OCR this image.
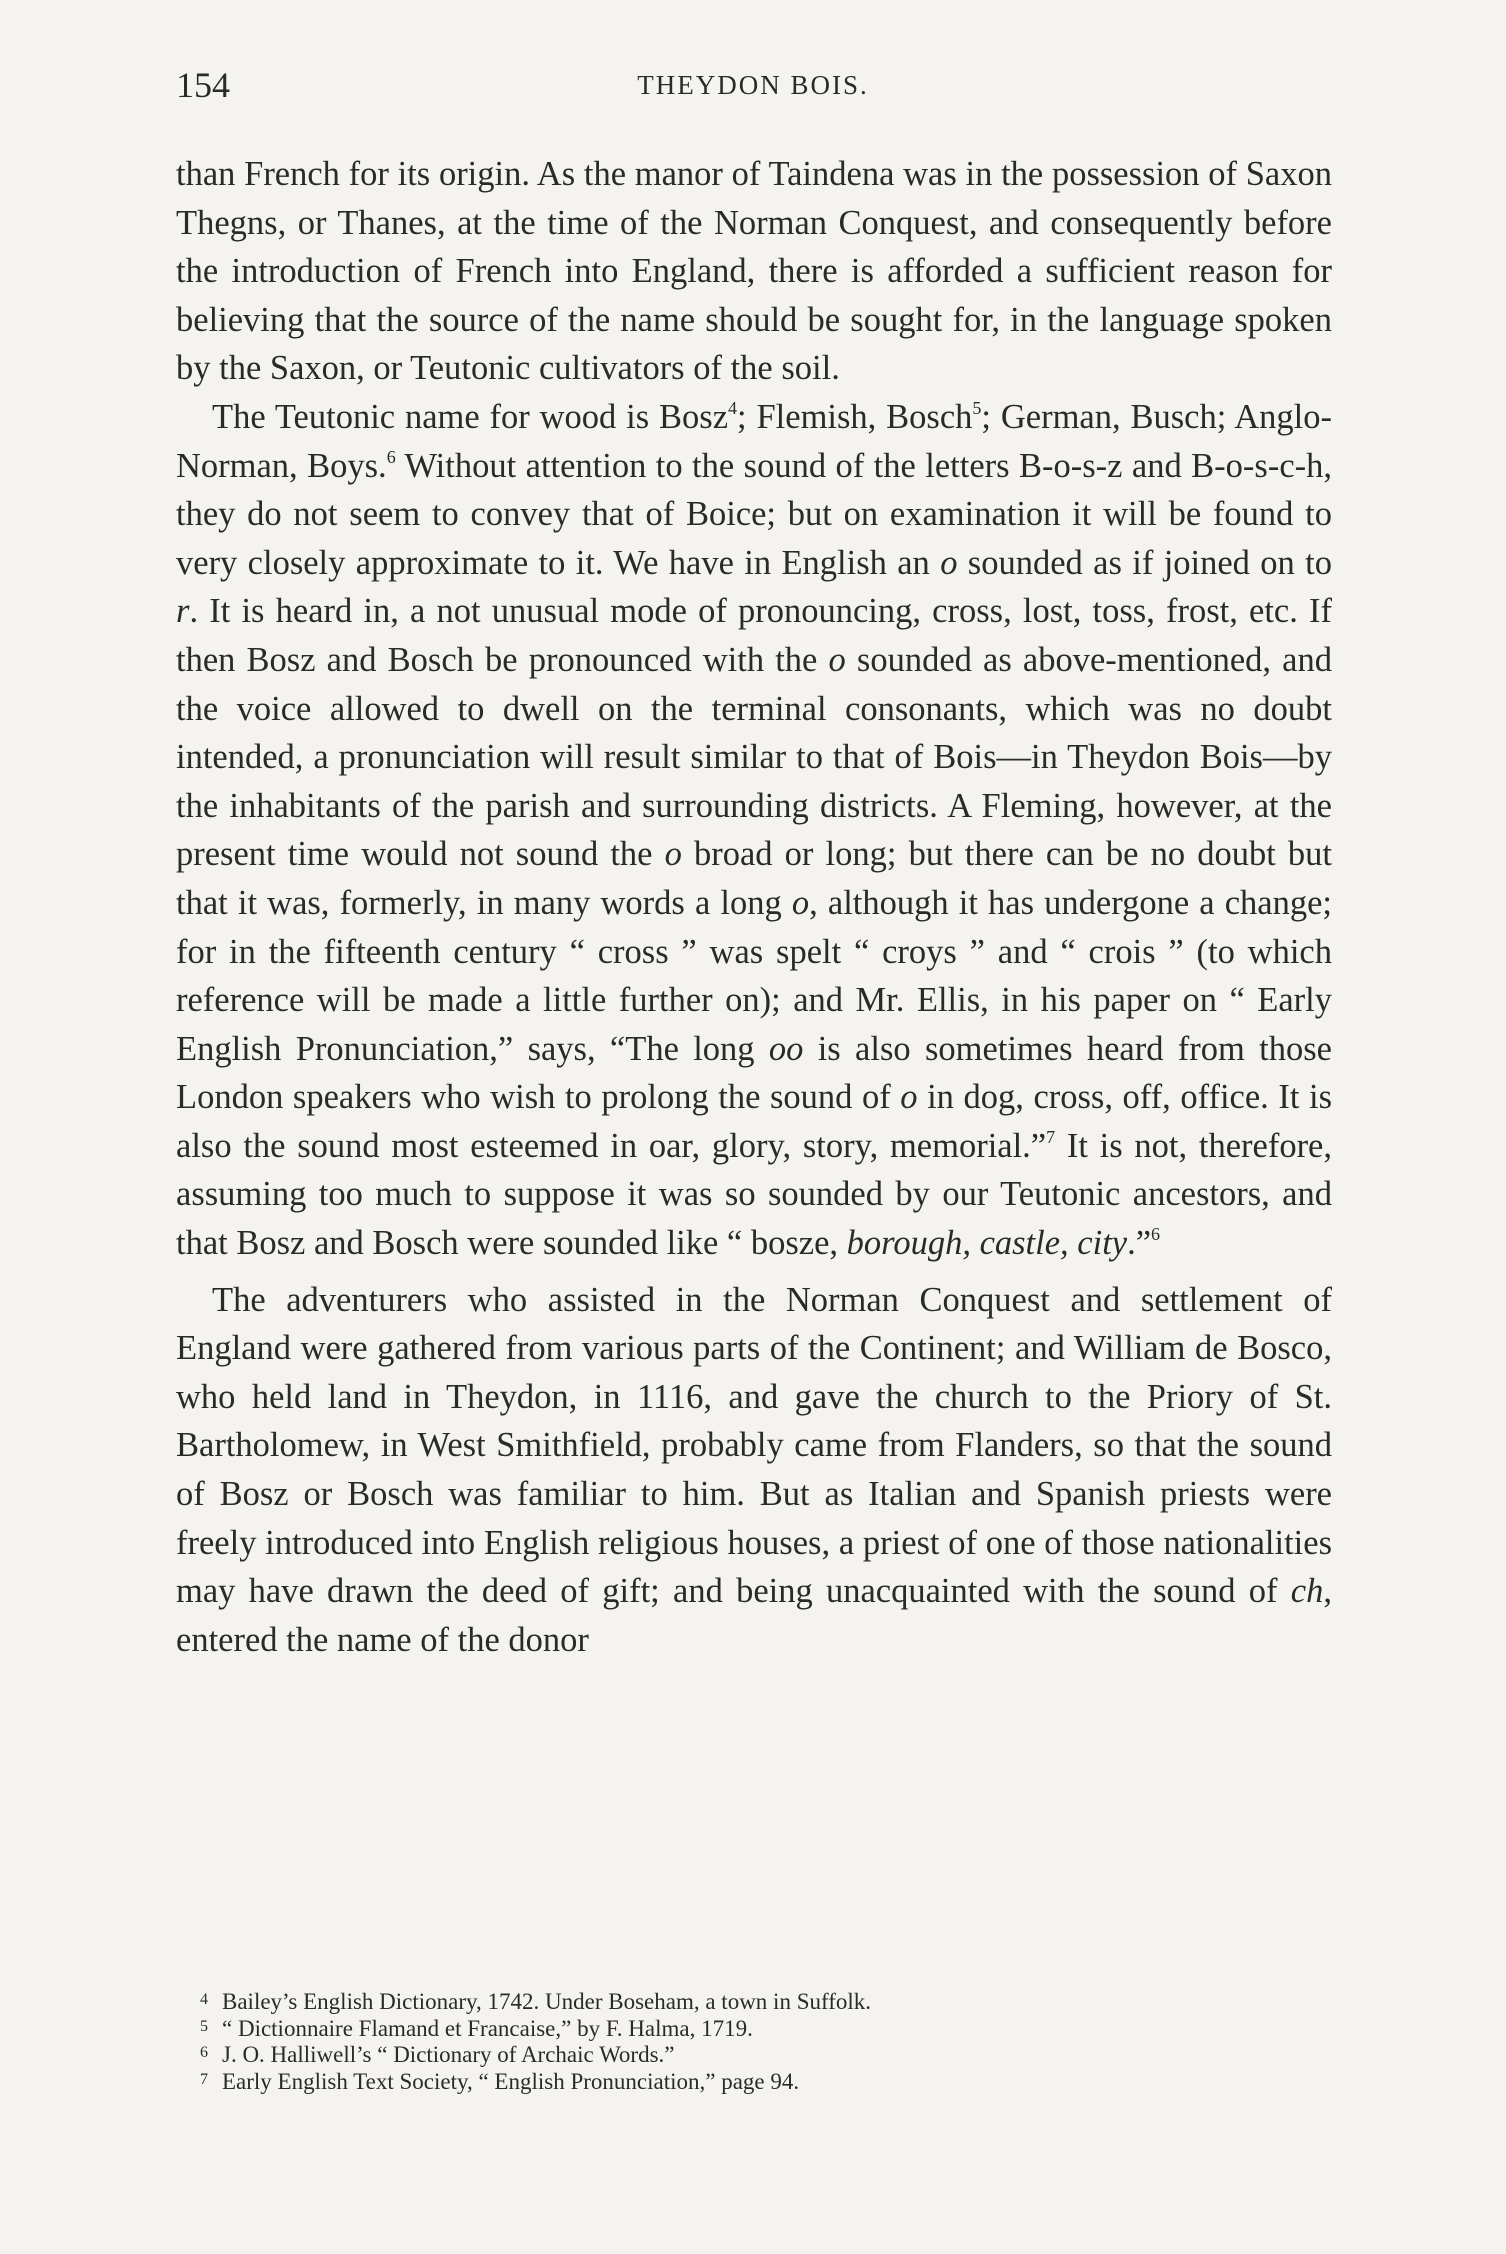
154	THEYDON BOIS.

than French for its origin. As the manor of Taindena was in the possession of Saxon Thegns, or Thanes, at the time of the Norman Conquest, and consequently before the introduction of French into England, there is afforded a sufficient reason for believing that the source of the name should be sought for, in the language spoken by the Saxon, or Teutonic cultivators of the soil.

The Teutonic name for wood is Bosz$^4$; Flemish, Bosch$^5$; German, Busch; Anglo-Norman, Boys.$^6$ Without attention to the sound of the letters B-o-s-z and B-o-s-c-h, they do not seem to convey that of Boice; but on examination it will be found to very closely approximate to it. We have in English an o sounded as if joined on to r. It is heard in, a not unusual mode of pronouncing, cross, lost, toss, frost, etc. If then Bosz and Bosch be pronounced with the o sounded as above-mentioned, and the voice allowed to dwell on the terminal consonants, which was no doubt intended, a pronunciation will result similar to that of Bois—in Theydon Bois—by the inhabitants of the parish and surrounding districts. A Fleming, however, at the present time would not sound the o broad or long; but there can be no doubt but that it was, formerly, in many words a long o, although it has undergone a change; for in the fifteenth century “ cross ” was spelt “ croys ” and “ crois ” (to which reference will be made a little further on); and Mr. Ellis, in his paper on “ Early English Pronunciation,” says, “The long oo is also sometimes heard from those London speakers who wish to prolong the sound of o in dog, cross, off, office. It is also the sound most esteemed in oar, glory, story, memorial.”$^7$ It is not, therefore, assuming too much to suppose it was so sounded by our Teutonic ancestors, and that Bosz and Bosch were sounded like “ bosze, borough, castle, city.”$^6$

The adventurers who assisted in the Norman Conquest and settlement of England were gathered from various parts of the Continent; and William de Bosco, who held land in Theydon, in 1116, and gave the church to the Priory of St. Bartholomew, in West Smithfield, probably came from Flanders, so that the sound of Bosz or Bosch was familiar to him. But as Italian and Spanish priests were freely introduced into English religious houses, a priest of one of those nationalities may have drawn the deed of gift; and being unacquainted with the sound of ch, entered the name of the donor

4 Bailey’s English Dictionary, 1742. Under Boseham, a town in Suffolk.
5 “ Dictionnaire Flamand et Francaise,” by F. Halma, 1719.
6 J. O. Halliwell’s “ Dictionary of Archaic Words.”
7 Early English Text Society, “ English Pronunciation,” page 94.
